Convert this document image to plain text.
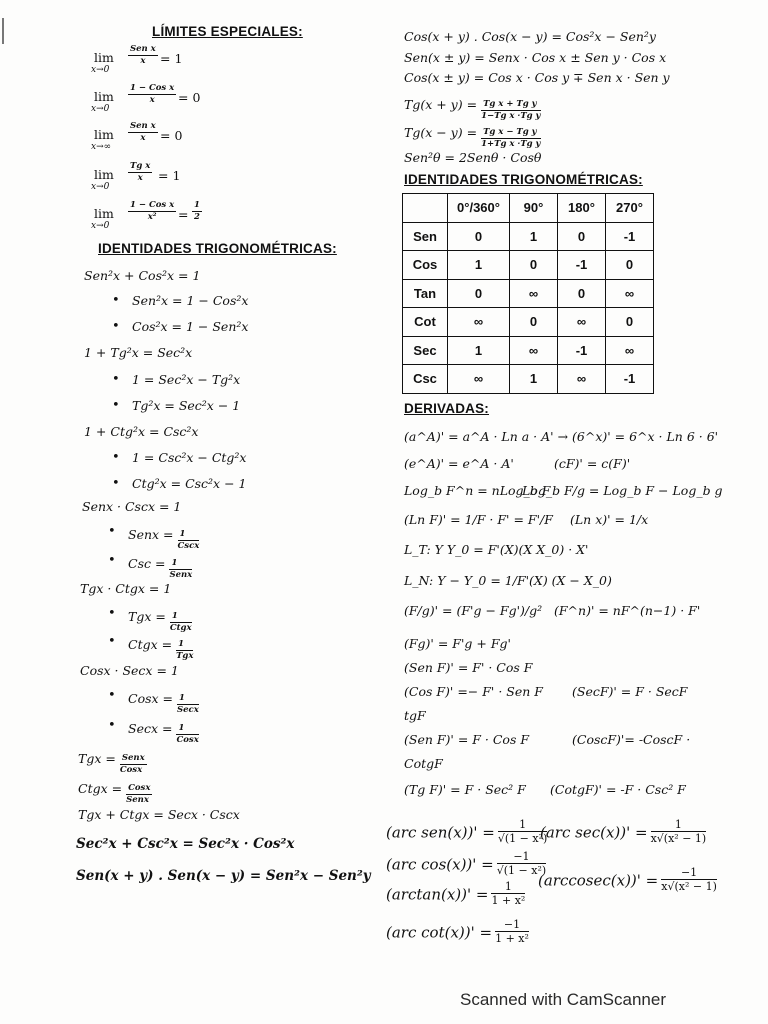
LÍMITES ESPECIALES:
lim
x→0
Sen x
x	= 1
lim
x→0
1 − Cos x
x	= 0
lim
x→∞
Sen x
x	= 0
lim
x→0
$\frac{\text{Tg x}}{x} = 1$
lim
x→0
1 − Cos x
x²	= $\frac{1}{2}$
IDENTIDADES TRIGONOMÉTRICAS:
Sen²x + Cos²x = 1
• Sen²x = 1 − Cos²x
• Cos²x = 1 − Sen²x
1 + Tg²x = Sec²x
• 1 = Sec²x − Tg²x
• Tg²x = Sec²x − 1
1 + Ctg²x = Csc²x
• 1 = Csc²x − Ctg²x
• Ctg²x = Csc²x − 1
Senx · Cscx = 1
• Senx = 1
Cscx
• Csc = 1
Senx
Tgx · Ctgx = 1
• Tgx = 1
Ctgx
• Ctgx = 1
Tgx
Cosx · Secx = 1
• Cosx = 1
Secx
• Secx = 1
Cosx
Tgx = Senx
Cosx
Ctgx = Cosx
Senx
Tgx + Ctgx = Secx · Cscx
Sec²x + Csc²x = Sec²x · Cos²x
Sen(x + y) . Sen(x − y) = Sen²x − Sen²y
Cos(x + y) . Cos(x − y) = Cos²x − Sen²y
Sen(x ± y) = Senx · Cos x ± Sen y · Cos x
Cos(x ± y) = Cos x · Cos y ∓ Sen x · Sen y
$Tg(x + y) = \frac{\text{Tg x + Tg y}}{\text{1−Tg x ·Tg y}}$
$Tg(x - y) = \frac{\text{Tg x − Tg y}}{\text{1+Tg x ·Tg y}}$
Sen²θ = 2Senθ · Cosθ
IDENTIDADES TRIGONOMÉTRICAS:
DERIVADAS:
(a^A)' = a^A · Ln a · A' → (6^x)' = 6^x · Ln 6 · 6'
(e^A)' = e^A · A'	(cF)' = c(F)'
Log_b F^n = nLog_b F
Log_b F/g = Log_b F − Log_b g
(Ln F)' = 1/F · F' = F'/F (Ln x)' = 1/x
L_T: Y Y_0 = F'(X)(X X_0) · X'
L_N: Y − Y_0 = 1/F'(X) (X − X_0)
(F/g)' = (F'g − Fg')/g² (F^n)' = nF^(n−1) · F'
(Fg)' = F'g + Fg'
(Sen F)' = F' · Cos F
(Cos F)' =− F' · Sen F (SecF)' = F · SecF
tgF
(Sen F)' = F · Cos F	(CoscF)'= -CoscF ·
CotgF
(Tg F)' = F · Sec² F (CotgF)' = -F · Csc² F
(arc $sen(x))' = \frac{1}{\text{√(1 − x²)}}$
(arc $\sec(x))' = \frac{1}{\text{x√(x² − 1)}}$
(arc $\cos(x))' = \frac{-1}{\text{√(1 − x²)}}$
$(\arctan(x))' = \frac{1}{\text{1 + x²}}$ (arccosec(x))' = $\frac{-1}{\text{x√(x² − 1)}}$
(arc $\cot(x))' = \frac{-1}{\text{1 + x²}}$
	0°/360°	90°	180°	270°
Sen	0	1	0	-1
Cos	1	0	-1	0
Tan	0	∞	0	∞
Cot	∞	0	∞	0
Sec	1	∞	-1	∞
Csc	∞	1	∞	-1
Scanned with CamScanner
